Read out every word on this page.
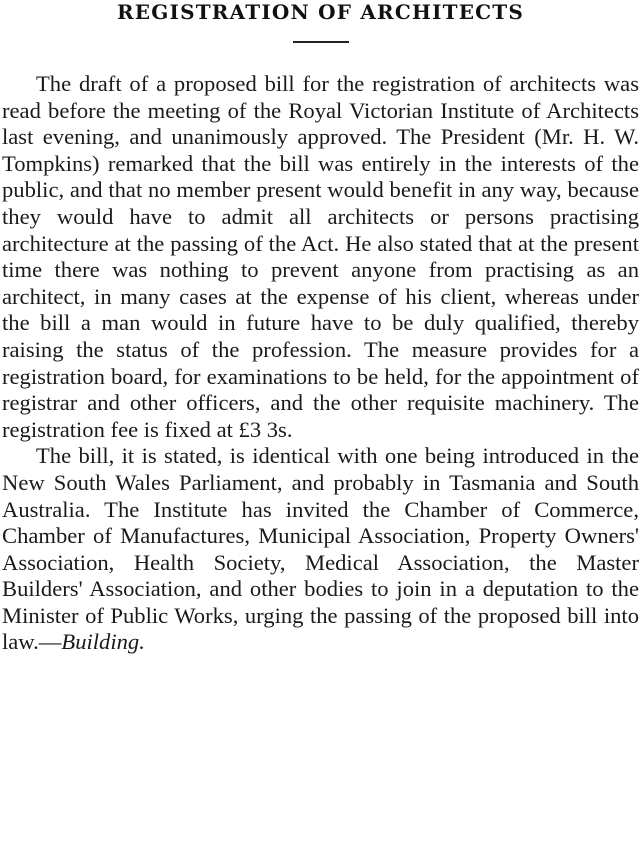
REGISTRATION OF ARCHITECTS

The draft of a proposed bill for the registration of architects was read before the meeting of the Royal Victorian Institute of Architects last evening, and unanimously approved. The President (Mr. H. W. Tompkins) remarked that the bill was entirely in the interests of the public, and that no member present would benefit in any way, because they would have to admit all architects or persons practising architecture at the passing of the Act. He also stated that at the present time there was nothing to prevent anyone from practising as an architect, in many cases at the expense of his client, whereas under the bill a man would in future have to be duly qualified, thereby raising the status of the profession. The measure provides for a registration board, for examinations to be held, for the appointment of registrar and other officers, and the other requisite machinery. The registration fee is fixed at £3 3s.

The bill, it is stated, is identical with one being introduced in the New South Wales Parliament, and probably in Tasmania and South Australia. The Institute has invited the Chamber of Commerce, Chamber of Manufactures, Municipal Association, Property Owners' Association, Health Society, Medical Association, the Master Builders' Association, and other bodies to join in a deputation to the Minister of Public Works, urging the passing of the proposed bill into law.—Building.
